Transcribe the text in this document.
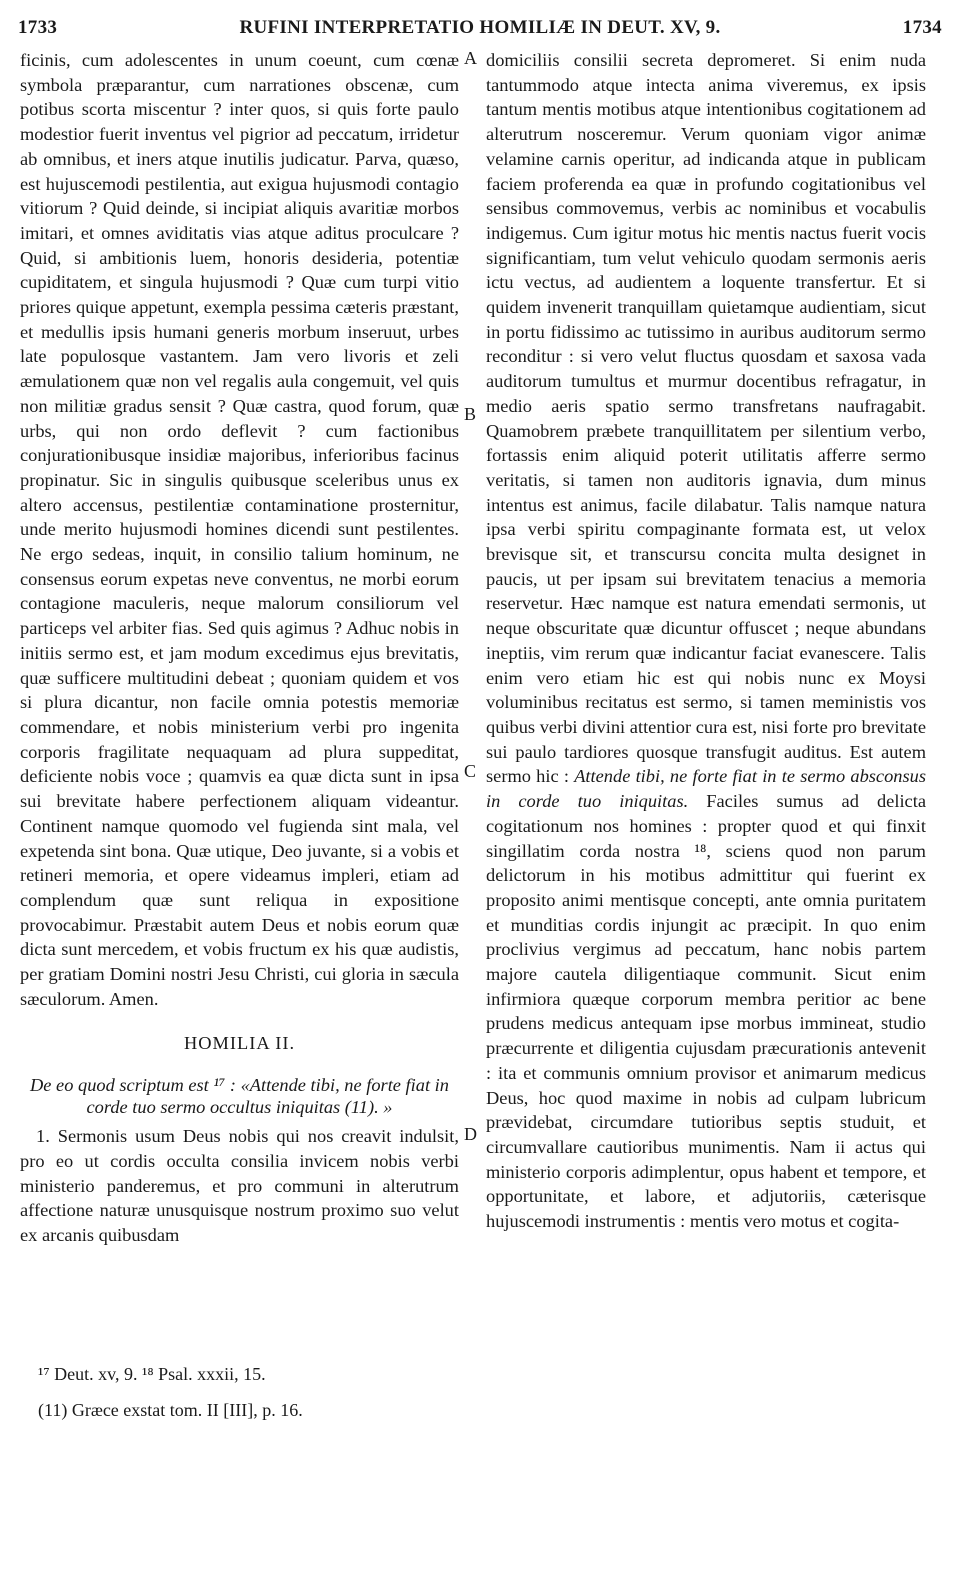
1733	RUFINI INTERPRETATIO HOMILIÆ IN DEUT. XV, 9.	1734

ficinis, cum adolescentes in unum coeunt, cum cœnæ symbola præparantur, cum narrationes obscenæ, cum potibus scorta miscentur ? inter quos, si quis forte paulo modestior fuerit inventus vel pigrior ad peccatum, irridetur ab omnibus, et iners atque inutilis judicatur. Parva, quæso, est hujuscemodi pestilentia, aut exigua hujusmodi contagio vitiorum ? Quid deinde, si incipiat aliquis avaritiæ morbos imitari, et omnes aviditatis vias atque aditus proculcare ? Quid, si ambitionis luem, honoris desideria, potentiæ cupiditatem, et singula hujusmodi ? Quæ cum turpi vitio priores quique appetunt, exempla pessima cæteris præstant, et medullis ipsis humani generis morbum inseruut, urbes late populosque vastantem. Jam vero livoris et zeli æmulationem quæ non vel regalis aula congemuit, vel quis non militiæ gradus sensit ? Quæ castra, quod forum, quæ urbs, qui non ordo deflevit ? cum factionibus conjurationibusque insidiæ majoribus, inferioribus facinus propinatur. Sic in singulis quibusque sceleribus unus ex altero accensus, pestilentiæ contaminatione prosternitur, unde merito hujusmodi homines dicendi sunt pestilentes. Ne ergo sedeas, inquit, in consilio talium hominum, ne consensus eorum expetas neve conventus, ne morbi eorum contagione maculeris, neque malorum consiliorum vel particeps vel arbiter fias. Sed quis agimus ? Adhuc nobis in initiis sermo est, et jam modum excedimus ejus brevitatis, quæ sufficere multitudini debeat ; quoniam quidem et vos si plura dicantur, non facile omnia potestis memoriæ commendare, et nobis ministerium verbi pro ingenita corporis fragilitate nequaquam ad plura suppeditat, deficiente nobis voce ; quamvis ea quæ dicta sunt in ipsa sui brevitate habere perfectionem aliquam videantur. Continent namque quomodo vel fugienda sint mala, vel expetenda sint bona. Quæ utique, Deo juvante, si a vobis et retineri memoria, et opere videamus impleri, etiam ad complendum quæ sunt reliqua in expositione provocabimur. Præstabit autem Deus et nobis eorum quæ dicta sunt mercedem, et vobis fructum ex his quæ audistis, per gratiam Domini nostri Jesu Christi, cui gloria in sæcula sæculorum. Amen.

HOMILIA II.
De eo quod scriptum est ¹⁷ : «Attende tibi, ne forte fiat in corde tuo sermo occultus iniquitas (11). »

1. Sermonis usum Deus nobis qui nos creavit indulsit, pro eo ut cordis occulta consilia invicem nobis verbi ministerio panderemus, et pro communi in alterutrum affectione naturæ unusquisque nostrum proximo suo velut ex arcanis quibusdam

A
B
C
D

domiciliis consilii secreta depromeret. Si enim nuda tantummodo atque intecta anima viveremus, ex ipsis tantum mentis motibus atque intentionibus cogitationem ad alterutrum nosceremur. Verum quoniam vigor animæ velamine carnis operitur, ad indicanda atque in publicam faciem proferenda ea quæ in profundo cogitationibus vel sensibus commovemus, verbis ac nominibus et vocabulis indigemus. Cum igitur motus hic mentis nactus fuerit vocis significantiam, tum velut vehiculo quodam sermonis aeris ictu vectus, ad audientem a loquente transfertur. Et si quidem invenerit tranquillam quietamque audientiam, sicut in portu fidissimo ac tutissimo in auribus auditorum sermo reconditur : si vero velut fluctus quosdam et saxosa vada auditorum tumultus et murmur docentibus refragatur, in medio aeris spatio sermo transfretans naufragabit. Quamobrem præbete tranquillitatem per silentium verbo, fortassis enim aliquid poterit utilitatis afferre sermo veritatis, si tamen non auditoris ignavia, dum minus intentus est animus, facile dilabatur. Talis namque natura ipsa verbi spiritu compaginante formata est, ut velox brevisque sit, et transcursu concita multa designet in paucis, ut per ipsam sui brevitatem tenacius a memoria reservetur. Hæc namque est natura emendati sermonis, ut neque obscuritate quæ dicuntur offuscet ; neque abundans ineptiis, vim rerum quæ indicantur faciat evanescere. Talis enim vero etiam hic est qui nobis nunc ex Moysi voluminibus recitatus est sermo, si tamen meministis vos quibus verbi divini attentior cura est, nisi forte pro brevitate sui paulo tardiores quosque transfugit auditus. Est autem sermo hic : Attende tibi, ne forte fiat in te sermo absconsus in corde tuo iniquitas. Faciles sumus ad delicta cogitationum nos homines : propter quod et qui finxit singillatim corda nostra ¹⁸, sciens quod non parum delictorum in his motibus admittitur qui fuerint ex proposito animi mentisque concepti, ante omnia puritatem et munditias cordis injungit ac præcipit. In quo enim proclivius vergimus ad peccatum, hanc nobis partem majore cautela diligentiaque communit. Sicut enim infirmiora quæque corporum membra peritior ac bene prudens medicus antequam ipse morbus immineat, studio præcurrente et diligentia cujusdam præcurationis antevenit : ita et communis omnium provisor et animarum medicus Deus, hoc quod maxime in nobis ad culpam lubricum prævidebat, circumdare tutioribus septis studuit, et circumvallare cautioribus munimentis. Nam ii actus qui ministerio corporis adimplentur, opus habent et tempore, et opportunitate, et labore, et adjutoriis, cæterisque hujuscemodi instrumentis : mentis vero motus et cogita-

¹⁷ Deut. xv, 9. ¹⁸ Psal. xxxii, 15.
(11) Græce exstat tom. II [III], p. 16.
